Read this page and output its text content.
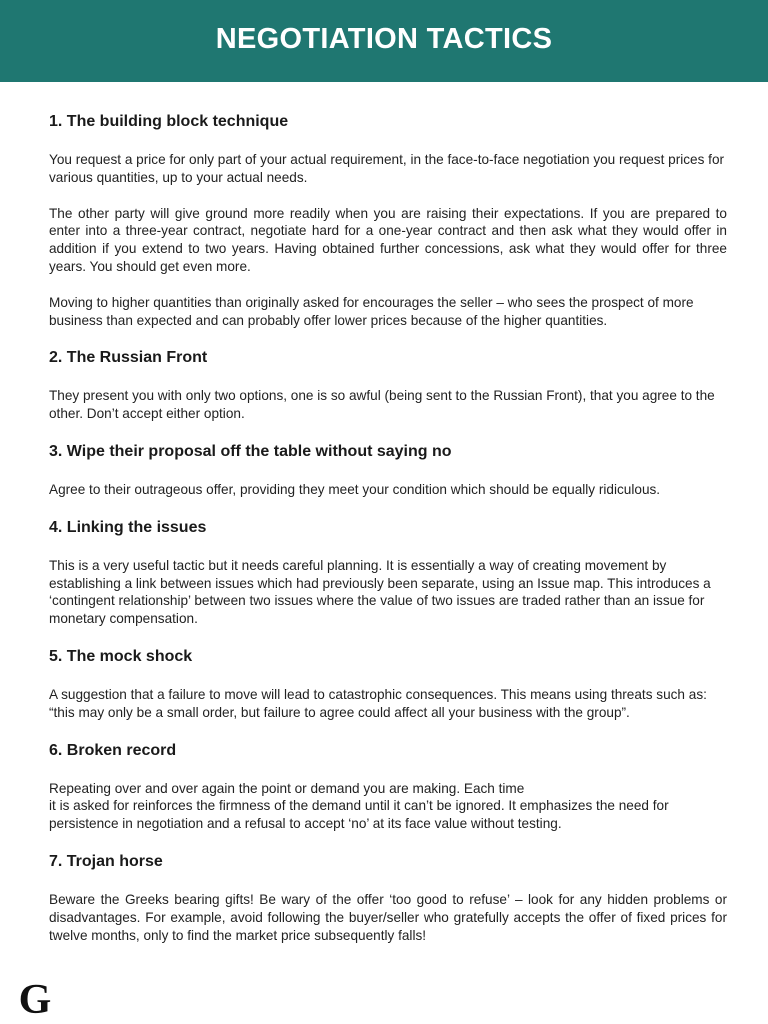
NEGOTIATION TACTICS
1. The building block technique

You request a price for only part of your actual requirement, in the face-to-face negotiation you request prices for various quantities, up to your actual needs.

The other party will give ground more readily when you are raising their expectations. If you are prepared to enter into a three-year contract, negotiate hard for a one-year contract and then ask what they would offer in addition if you extend to two years. Having obtained further concessions, ask what they would offer for three years. You should get even more.

Moving to higher quantities than originally asked for encourages the seller – who sees the prospect of more business than expected and can probably offer lower prices because of the higher quantities.

2. The Russian Front

They present you with only two options, one is so awful (being sent to the Russian Front), that you agree to the other. Don’t accept either option.

3. Wipe their proposal off the table without saying no

Agree to their outrageous offer, providing they meet your condition which should be equally ridiculous.

4. Linking the issues

This is a very useful tactic but it needs careful planning. It is essentially a way of creating movement by establishing a link between issues which had previously been separate, using an Issue map. This introduces a ‘contingent relationship’ between two issues where the value of two issues are traded rather than an issue for monetary compensation.

5. The mock shock

A suggestion that a failure to move will lead to catastrophic consequences. This means using threats such as: “this may only be a small order, but failure to agree could affect all your business with the group”.

6. Broken record

Repeating over and over again the point or demand you are making. Each time
it is asked for reinforces the firmness of the demand until it can’t be ignored. It emphasizes the need for persistence in negotiation and a refusal to accept ‘no’ at its face value without testing.

7. Trojan horse

Beware the Greeks bearing gifts! Be wary of the offer ‘too good to refuse’ – look for any hidden problems or disadvantages. For example, avoid following the buyer/seller who gratefully accepts the offer of fixed prices for twelve months, only to find the market price subsequently falls!

G
